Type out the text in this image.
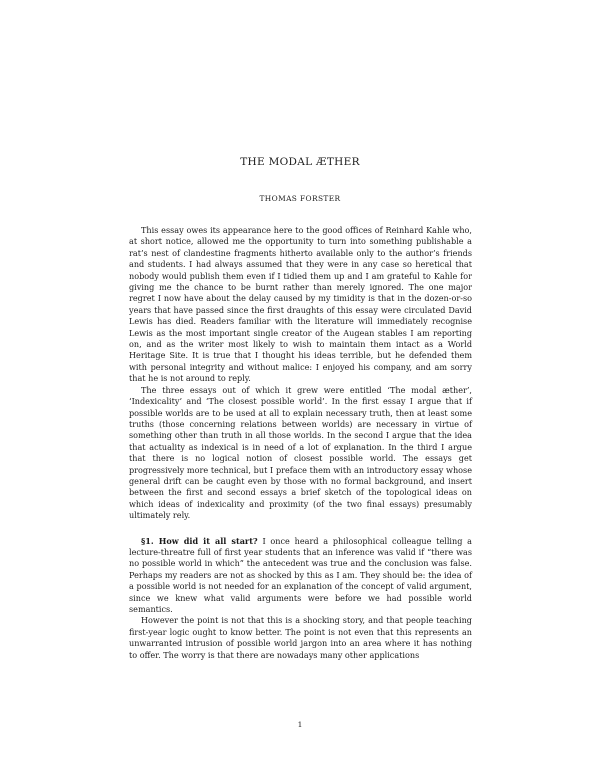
THE MODAL ÆTHER
THOMAS FORSTER

This essay owes its appearance here to the good offices of Reinhard Kahle who, at short notice, allowed me the opportunity to turn into something publishable a rat’s nest of clandestine fragments hitherto available only to the author’s friends and students. I had always assumed that they were in any case so heretical that nobody would publish them even if I tidied them up and I am grateful to Kahle for giving me the chance to be burnt rather than merely ignored. The one major regret I now have about the delay caused by my timidity is that in the dozen-or-so years that have passed since the first draughts of this essay were circulated David Lewis has died. Readers familiar with the literature will immediately recognise Lewis as the most important single creator of the Augean stables I am reporting on, and as the writer most likely to wish to maintain them intact as a World Heritage Site. It is true that I thought his ideas terrible, but he defended them with personal integrity and without malice: I enjoyed his company, and am sorry that he is not around to reply.

The three essays out of which it grew were entitled ‘The modal æther’, ‘Indexicality’ and ‘The closest possible world’. In the first essay I argue that if possible worlds are to be used at all to explain necessary truth, then at least some truths (those concerning relations between worlds) are necessary in virtue of something other than truth in all those worlds. In the second I argue that the idea that actuality as indexical is in need of a lot of explanation. In the third I argue that there is no logical notion of closest possible world. The essays get progressively more technical, but I preface them with an introductory essay whose general drift can be caught even by those with no formal background, and insert between the first and second essays a brief sketch of the topological ideas on which ideas of indexicality and proximity (of the two final essays) presumably ultimately rely.

§1. How did it all start? I once heard a philosophical colleague telling a lecture-threatre full of first year students that an inference was valid if “there was no possible world in which” the antecedent was true and the conclusion was false. Perhaps my readers are not as shocked by this as I am. They should be: the idea of a possible world is not needed for an explanation of the concept of valid argument, since we knew what valid arguments were before we had possible world semantics.

However the point is not that this is a shocking story, and that people teaching first-year logic ought to know better. The point is not even that this represents an unwarranted intrusion of possible world jargon into an area where it has nothing to offer. The worry is that there are nowadays many other applications

1
